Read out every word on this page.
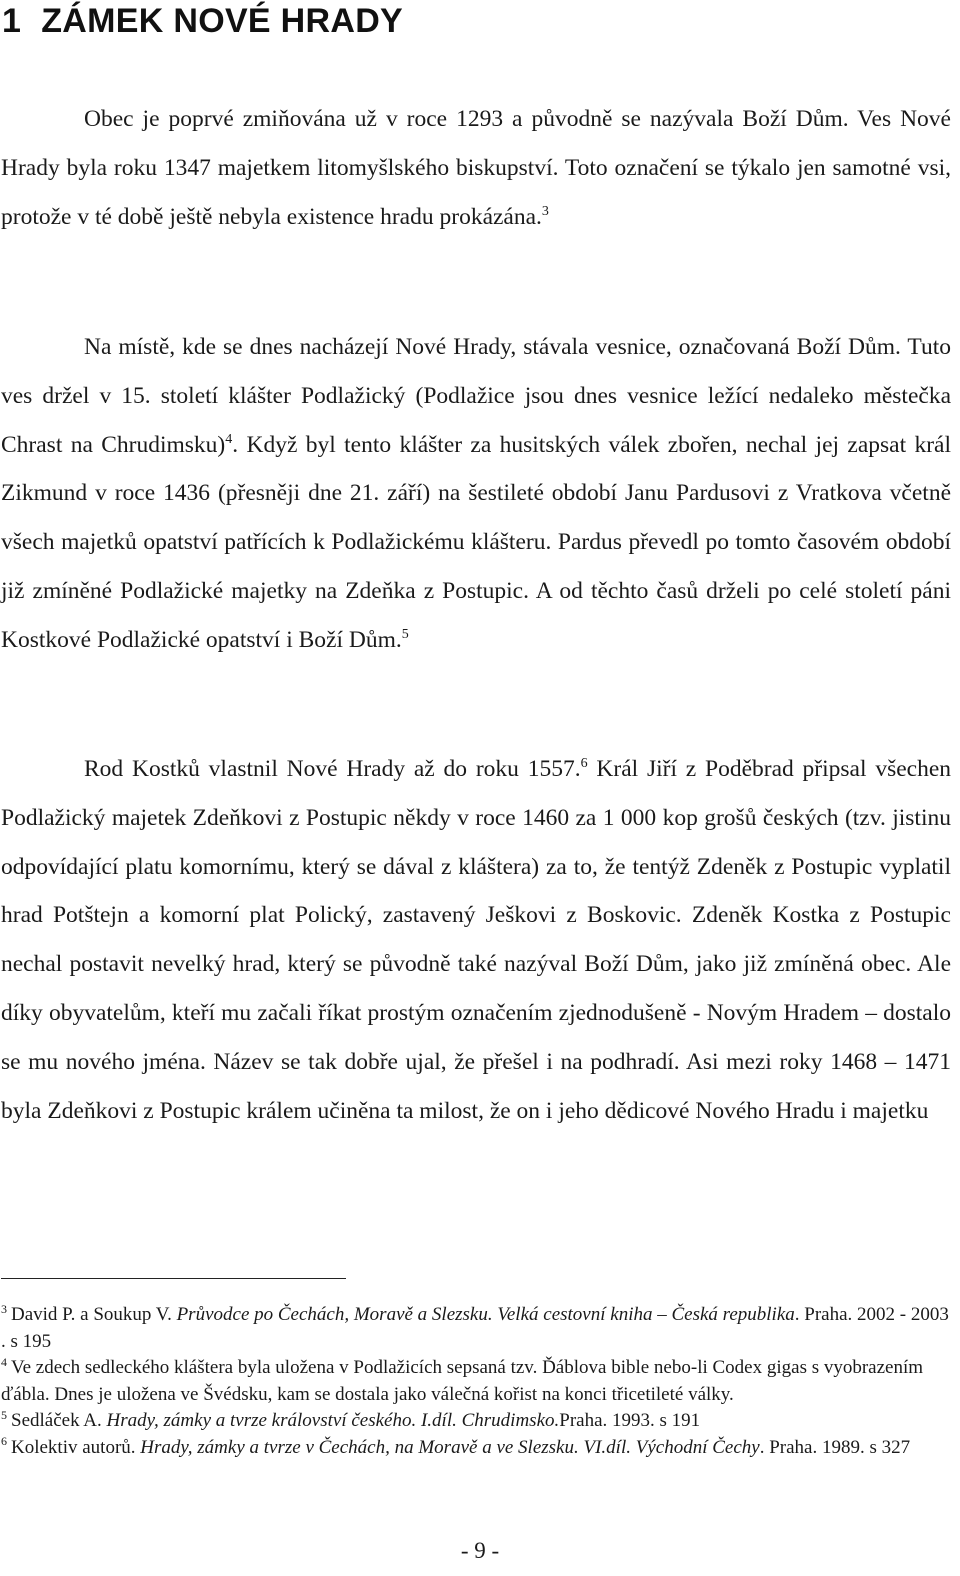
1 ZÁMEK NOVÉ HRADY

Obec je poprvé zmiňována už v roce 1293 a původně se nazývala Boží Dům. Ves Nové Hrady byla roku 1347 majetkem litomyšlského biskupství. Toto označení se týkalo jen samotné vsi, protože v té době ještě nebyla existence hradu prokázána.$^3$

Na místě, kde se dnes nacházejí Nové Hrady, stávala vesnice, označovaná Boží Dům. Tuto ves držel v 15. století klášter Podlažický (Podlažice jsou dnes vesnice ležící nedaleko městečka Chrast na Chrudimsku)$^4$. Když byl tento klášter za husitských válek zbořen, nechal jej zapsat král Zikmund v roce 1436 (přesněji dne 21. září) na šestileté období Janu Pardusovi z Vratkova včetně všech majetků opatství patřících k Podlažickému klášteru. Pardus převedl po tomto časovém období již zmíněné Podlažické majetky na Zdeňka z Postupic. A od těchto časů drželi po celé století páni Kostkové Podlažické opatství i Boží Dům.$^5$

Rod Kostků vlastnil Nové Hrady až do roku 1557.$^6$ Král Jiří z Poděbrad připsal všechen Podlažický majetek Zdeňkovi z Postupic někdy v roce 1460 za 1 000 kop grošů českých (tzv. jistinu odpovídající platu komornímu, který se dával z kláštera) za to, že tentýž Zdeněk z Postupic vyplatil hrad Potštejn a komorní plat Polický, zastavený Ješkovi z Boskovic. Zdeněk Kostka z Postupic nechal postavit nevelký hrad, který se původně také nazýval Boží Dům, jako již zmíněná obec. Ale díky obyvatelům, kteří mu začali říkat prostým označením zjednodušeně - Novým Hradem – dostalo se mu nového jména. Název se tak dobře ujal, že přešel i na podhradí. Asi mezi roky 1468 – 1471 byla Zdeňkovi z Postupic králem učiněna ta milost, že on i jeho dědicové Nového Hradu i majetku

$^3$ David P. a Soukup V. Průvodce po Čechách, Moravě a Slezsku. Velká cestovní kniha – Česká republika. Praha. 2002 - 2003 . s 195

$^4$ Ve zdech sedleckého kláštera byla uložena v Podlažicích sepsaná tzv. Ďáblova bible nebo-li Codex gigas s vyobrazením ďábla. Dnes je uložena ve Švédsku, kam se dostala jako válečná kořist na konci třicetileté války.

$^5$ Sedláček A. Hrady, zámky a tvrze království českého. I.díl. Chrudimsko.Praha. 1993. s 191

$^6$ Kolektiv autorů. Hrady, zámky a tvrze v Čechách, na Moravě a ve Slezsku. VI.díl. Východní Čechy. Praha. 1989. s 327

- 9 -
